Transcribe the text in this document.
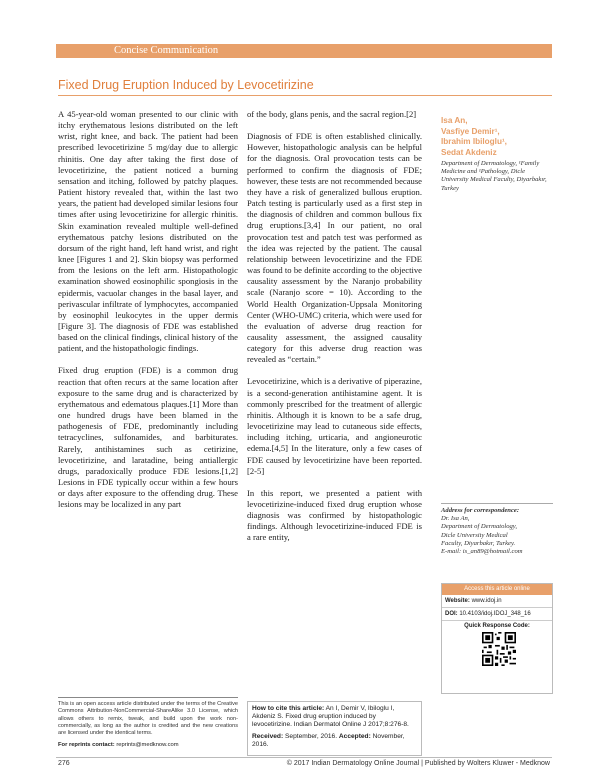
Concise Communication
Fixed Drug Eruption Induced by Levocetirizine

A 45-year-old woman presented to our clinic with itchy erythematous lesions distributed on the left wrist, right knee, and back. The patient had been prescribed levocetirizine 5 mg/day due to allergic rhinitis. One day after taking the first dose of levocetirizine, the patient noticed a burning sensation and itching, followed by patchy plaques. Patient history revealed that, within the last two years, the patient had developed similar lesions four times after using levocetirizine for allergic rhinitis. Skin examination revealed multiple well-defined erythematous patchy lesions distributed on the dorsum of the right hand, left hand wrist, and right knee [Figures 1 and 2]. Skin biopsy was performed from the lesions on the left arm. Histopathologic examination showed eosinophilic spongiosis in the epidermis, vacuolar changes in the basal layer, and perivascular infiltrate of lymphocytes, accompanied by eosinophil leukocytes in the upper dermis [Figure 3]. The diagnosis of FDE was established based on the clinical findings, clinical history of the patient, and the histopathologic findings.

Fixed drug eruption (FDE) is a common drug reaction that often recurs at the same location after exposure to the same drug and is characterized by erythematous and edematous plaques.[1] More than one hundred drugs have been blamed in the pathogenesis of FDE, predominantly including tetracyclines, sulfonamides, and barbiturates. Rarely, antihistamines such as cetirizine, levocetirizine, and laratadine, being antiallergic drugs, paradoxically produce FDE lesions.[1,2] Lesions in FDE typically occur within a few hours or days after exposure to the offending drug. These lesions may be localized in any part

of the body, glans penis, and the sacral region.[2]

Diagnosis of FDE is often established clinically. However, histopathologic analysis can be helpful for the diagnosis. Oral provocation tests can be performed to confirm the diagnosis of FDE; however, these tests are not recommended because they have a risk of generalized bullous eruption. Patch testing is particularly used as a first step in the diagnosis of children and common bullous fix drug eruptions.[3,4] In our patient, no oral provocation test and patch test was performed as the idea was rejected by the patient. The causal relationship between levocetirizine and the FDE was found to be definite according to the objective causality assessment by the Naranjo probability scale (Naranjo score = 10). According to the World Health Organization-Uppsala Monitoring Center (WHO-UMC) criteria, which were used for the evaluation of adverse drug reaction for causality assessment, the assigned causality category for this adverse drug reaction was revealed as “certain.”

Levocetirizine, which is a derivative of piperazine, is a second-generation antihistamine agent. It is commonly prescribed for the treatment of allergic rhinitis. Although it is known to be a safe drug, levocetirizine may lead to cutaneous side effects, including itching, urticaria, and angioneurotic edema.[4,5] In the literature, only a few cases of FDE caused by levocetirizine have been reported.[2-5]

In this report, we presented a patient with levocetirizine-induced fixed drug eruption whose diagnosis was confirmed by histopathologic findings. Although levocetirizine-induced FDE is a rare entity,

Isa An,
Vasfiye Demir¹,
Ibrahim Ibiloglu¹,
Sedat Akdeniz
Department of Dermatology, ¹Family Medicine and ¹Pathology, Dicle University Medical Faculty, Diyarbakır, Turkey
Address for correspondence:
Dr. Isa An,
Department of Dermatology,
Dicle University Medical
Faculty, Diyarbakır, Turkey.
E-mail: is_an89@hotmail.com
Access this article online
Website: www.idoj.in
DOI: 10.4103/idoj.IDOJ_348_16
Quick Response Code:
This is an open access article distributed under the terms of the Creative Commons Attribution-NonCommercial-ShareAlike 3.0 License, which allows others to remix, tweak, and build upon the work non-commercially, as long as the author is credited and the new creations are licensed under the identical terms.
For reprints contact: reprints@medknow.com
How to cite this article: An I, Demir V, Ibiloglu I, Akdeniz S. Fixed drug eruption induced by levocetirizine. Indian Dermatol Online J 2017;8:276-8.
Received: September, 2016. Accepted: November, 2016.
276	© 2017 Indian Dermatology Online Journal | Published by Wolters Kluwer - Medknow
